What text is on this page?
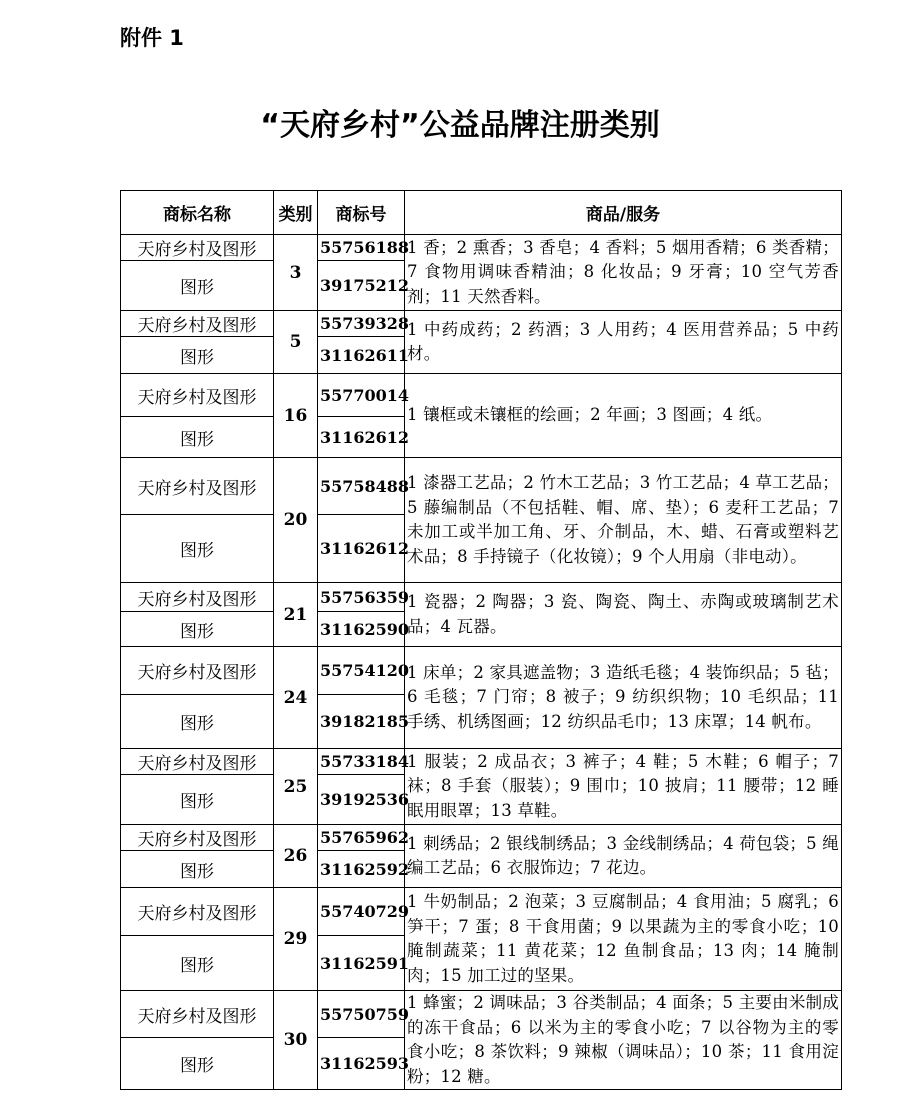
附件 1
“天府乡村”公益品牌注册类别
商标名称	类别	商标号	商品/服务
天府乡村及图形	3	55756188	1 香；2 熏香；3 香皂；4 香料；5 烟用香精；6 类香精；7 食物用调味香精油；8 化妆品；9 牙膏；10 空气芳香剂；11 天然香料。
图形		39175212	
天府乡村及图形	5	55739328	1 中药成药；2 药酒；3 人用药；4 医用营养品；5 中药材。
图形		31162611	
天府乡村及图形	16	55770014	1 镶框或未镶框的绘画；2 年画；3 图画；4 纸。
图形		31162612	
天府乡村及图形	20	55758488	1 漆器工艺品；2 竹木工艺品；3 竹工艺品；4 草工艺品；5 藤编制品（不包括鞋、帽、席、垫）；6 麦秆工艺品；7 未加工或半加工角、牙、介制品，木、蜡、石膏或塑料艺术品；8 手持镜子（化妆镜）；9 个人用扇（非电动）。
图形		31162612	
天府乡村及图形	21	55756359	1 瓷器；2 陶器；3 瓷、陶瓷、陶土、赤陶或玻璃制艺术品；4 瓦器。
图形		31162590	
天府乡村及图形	24	55754120	1 床单；2 家具遮盖物；3 造纸毛毯；4 装饰织品；5 毡；6 毛毯；7 门帘；8 被子；9 纺织织物；10 毛织品；11 手绣、机绣图画；12 纺织品毛巾；13 床罩；14 帆布。
图形		39182185	
天府乡村及图形	25	55733184	1 服装；2 成品衣；3 裤子；4 鞋；5 木鞋；6 帽子；7 袜；8 手套（服装）；9 围巾；10 披肩；11 腰带；12 睡眠用眼罩；13 草鞋。
图形		39192536	
天府乡村及图形	26	55765962	1 刺绣品；2 银线制绣品；3 金线制绣品；4 荷包袋；5 绳编工艺品；6 衣服饰边；7 花边。
图形		31162592	
天府乡村及图形	29	55740729	1 牛奶制品；2 泡菜；3 豆腐制品；4 食用油；5 腐乳；6 笋干；7 蛋；8 干食用菌；9 以果蔬为主的零食小吃；10 腌制蔬菜；11 黄花菜；12 鱼制食品；13 肉；14 腌制肉；15 加工过的坚果。
图形		31162591	
天府乡村及图形	30	55750759	1 蜂蜜；2 调味品；3 谷类制品；4 面条；5 主要由米制成的冻干食品；6 以米为主的零食小吃；7 以谷物为主的零食小吃；8 茶饮料；9 辣椒（调味品）；10 茶；11 食用淀粉；12 糖。
图形		31162593	
